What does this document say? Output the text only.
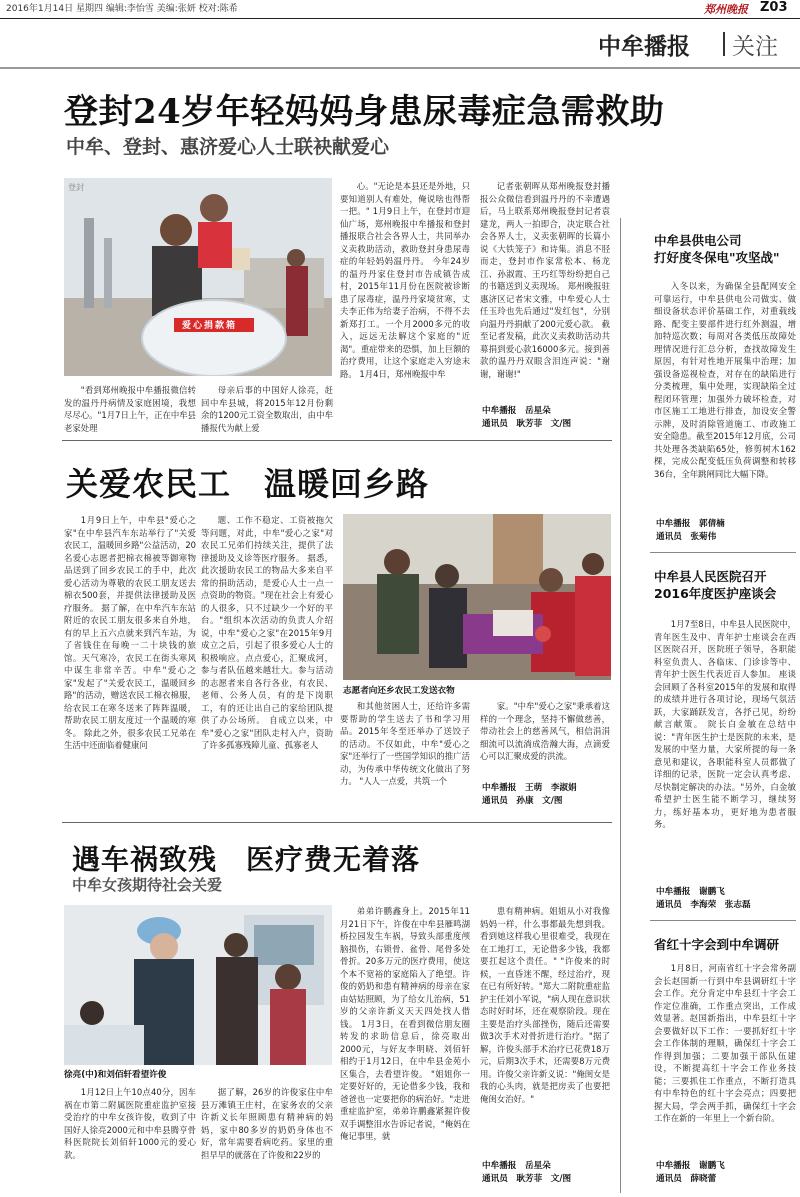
2016年1月14日 星期四 编辑:李怡雪 美编:张妍 校对:陈希	郑州晚报 Z03
中牟播报 关注
登封24岁年轻妈妈身患尿毒症急需救助
中牟、登封、惠济爱心人士联袂献爱心
爱心捐款箱
登封

"看到郑州晚报中牟播报微信转发的温丹丹病情及家庭困境，我想尽尽心。"1月7日上午，正在中牟县老家处理

母亲后事的中国好人徐亮，赶回中牟县城，将2015年12月份剩余的1200元工资全数取出，由中牟播报代为献上爱

心。"无论是本县还是外地，只要知道别人有难处，俺说啥也得帮一把。" 1月9日上午，在登封市迎仙广场，郑州晚报中牟播报和登封播报联合社会各界人士，共同举办义卖救助活动，救助登封身患尿毒症的年轻妈妈温丹丹。 今年24岁的温丹丹家住登封市告成镇告成村，2015年11月份在医院被诊断患了尿毒症，温丹丹家境贫寒，丈夫李正伟为给妻子治病，不得不去新郑打工。一个月2000多元的收入，远远无法解这个家庭的"近渴"。重症带来的恐惧，加上巨额的治疗费用，让这个家庭走入穷途末路。 1月4日，郑州晚报中牟

记者张朝晖从郑州晚报登封播报公众微信看到温丹丹的不幸遭遇后，马上联系郑州晚报登封记者袁建龙，两人一拍即合，决定联合社会各界人士，义卖张朝晖的长篇小说《大铁笼子》和诗集。消息不胫而走，登封市作家常松本、杨龙江、孙淑霞、王巧红等纷纷把自己的书籍送到义卖现场。 郑州晚报驻惠济区记者宋文雅，中牟爱心人士任玉玲也先后通过"发红包"，分别向温丹丹捐献了200元爱心款。 截至记者发稿，此次义卖救助活动共募捐到爱心款16000多元。接到善款的温丹丹双眼含泪连声说："谢谢，谢谢!"

中牟播报　岳星朵
通讯员　耿芳菲　文/图
关爱农民工　温暖回乡路

1月9日上午，中牟县"爱心之家"在中牟县汽车东站举行了"关爱农民工，温暖回乡路"公益活动，20名爱心志愿者把棉衣棉被等御寒物品送到了回乡农民工的手中，此次爱心活动为尊敬的农民工朋友送去棉衣500套，并提供法律援助及医疗服务。 据了解，在中牟汽车东站附近的农民工朋友很多来自外地，有的早上五六点就来到汽车站，为了省钱住在每晚一二十块钱的旅馆。天气寒冷，农民工在街头寒风中谋生非常辛苦。中牟"爱心之家"发起了"关爱农民工，温暖回乡路"的活动，赠送农民工棉衣棉服，给农民工在寒冬送来了阵阵温暖，帮助农民工朋友度过一个温暖的寒冬。 除此之外，很多农民工兄弟在生活中还面临着健康问

题、工作不稳定、工资被拖欠等问题，对此，中牟"爱心之家"对农民工兄弟们持续关注，提供了法律援助及义诊等医疗服务。 据悉，此次援助农民工的物品大多来自平常的捐助活动，是爱心人士一点一点资助的物资。"现在社会上有爱心的人很多，只不过缺少一个好的平台。"组织本次活动的负责人介绍说，中牟"爱心之家"在2015年9月成立之后，引起了很多爱心人士的积极响应。点点爱心，汇聚成河，参与者队伍越来越壮大。参与活动的志愿者来自各行各业，有农民、老师、公务人员，有的是下岗职工，有的还让出自己的家给团队提供了办公场所。 自成立以来，中牟"爱心之家"团队走村入户，资助了许多孤寡残障儿童、孤寡老人

志愿者向还乡农民工发送衣物

和其他贫困人士，还给许多需要帮助的学生送去了书和学习用品。2015年冬至还举办了送饺子的活动。不仅如此，中牟"爱心之家"还举行了一些国学知识的推广活动，为传承中华传统文化做出了努力。 "人人一点爱，共筑一个

家。"中牟"爱心之家"秉承着这样的一个理念，坚持不懈做慈善，带动社会上的慈善风气，相信涓涓细流可以流淌成浩瀚大海，点滴爱心可以汇聚成爱的洪流。

中牟播报　王萌　李淑娟
通讯员　孙康　文/图
遇车祸致残　医疗费无着落
中牟女孩期待社会关爱
徐亮(中)和刘佰轩看望许俊

1月12日上午10点40分，因车祸在市第二附属医院重症监护室接受治疗的中牟女孩许俊，收到了中国好人徐亮2000元和中牟县腾亨骨科医院院长刘佰轩1000元的爱心款。

据了解，26岁的许俊家住中牟县万滩镇王庄村，在家务农的父亲许新义长年照顾患有精神病的妈妈，家中80多岁的奶奶身体也不好，常年需要看病吃药。家里的重担早早的就落在了许俊和22岁的

弟弟许鹏鑫身上。2015年11月21日下午，许俊在中牟县雁鸣湖桥拉园发生车祸，导致头部重度颅脑损伤，右锁骨、盆骨、尾骨多处骨折。20多万元的医疗费用，使这个本不宽裕的家庭陷入了绝望。许俊的奶奶和患有精神病的母亲在家由姑姑照顾，为了给女儿治病，51岁的父亲许新义天天四处找人借钱。 1月3日，在看到微信朋友圈转发的求助信息后，徐亮取出2000元，与好友李明晓、刘佰轩相约于1月12日，在中牟县金苑小区集合，去看望许俊。 "姐姐你一定要好好的，无论借多少钱，我和爸爸也一定要把你的病治好。"走进重症监护室，弟弟许鹏鑫紧握许俊双手调整泪水告诉记者说，"俺妈在俺记事里，就

患有精神病。姐姐从小对我像妈妈一样，什么事都最先想到我。看到她这样我心里很难受，我现在在工地打工，无论借多少钱，我都要扛起这个责任。" "许俊来的时候，一直昏迷不醒，经过治疗，现在已有所好转。"郑大二附院重症监护主任刘小军说，"病人现在意识状态时好时坏，还在观察阶段。现在主要是治疗头部挫伤，随后还需要做3次手术对骨折进行治疗。"据了解，许俊头部手术治疗已花费18万元，后期3次手术，还需要8万元费用。许俊父亲许新义说："俺闺女是我的心头肉，就是把房卖了也要把俺闺女治好。"

中牟播报　岳星朵
通讯员　耿芳菲　文/图
中牟县供电公司
打好度冬保电"攻坚战"

入冬以来，为确保全县配网安全可靠运行，中牟县供电公司做实、做细设备状态评价基础工作，对重载线路、配变主要部件进行红外测温，增加特巡次数；每周对各类低压故障处理情况进行汇总分析，查找故障发生原因，有针对性地开展集中治理；加强设备巡视检查，对存在的缺陷进行分类梳理，集中处理，实现缺陷全过程闭环管理；加强外力破坏检查，对市区施工工地进行排查，加设安全警示牌，及时消除管道施工、市政施工安全隐患。截至2015年12月底，公司共处理各类缺陷65处，修剪树木162棵，完成公配变低压负荷调整和转移36台，全年跳闸同比大幅下降。

中牟播报　郭倩楠
通讯员　张菊伟
中牟县人民医院召开
2016年度医护座谈会

1月7至8日，中牟县人民医院中，青年医生及中、青年护士座谈会在西区医院召开，医院班子领导，各职能科室负责人、各临床、门诊诊等中、青年护士医生代表近百人参加。 座谈会回顾了各科室2015年的发展和取得的成绩并进行各项讨论，现场气氛活跃，大家踊跃发言，各抒己见，纷纷献言献策。 院长白金敏在总结中说："青年医生护士是医院的未来，是发展的中坚力量，大家所提的每一条意见和建议，各职能科室人员都做了详细的记录，医院一定会认真考虑、尽快制定解决的办法。"另外，白金敏希望护士医生能不断学习，继续努力，练好基本功，更好地为患者服务。

中牟播报　谢鹏飞
通讯员　李海荣　张志磊
省红十字会到中牟调研

1月8日，河南省红十字会常务副会长赵国新一行到中牟县调研红十字会工作。充分肯定中牟县红十字会工作定位准确，工作重点突出，工作成效显著。赵国新指出，中牟县红十字会要做好以下工作：一要抓好红十字会工作体制的理顺，确保红十字会工作得到加强；二要加强干部队伍建设，不断提高红十字会工作业务技能；三要抓住工作重点，不断打造具有中牟特色的红十字会亮点；四要把握大局，学会两手抓，确保红十字会工作在新的一年里上一个新台阶。

中牟播报　谢鹏飞
通讯员　薛晓蕾
